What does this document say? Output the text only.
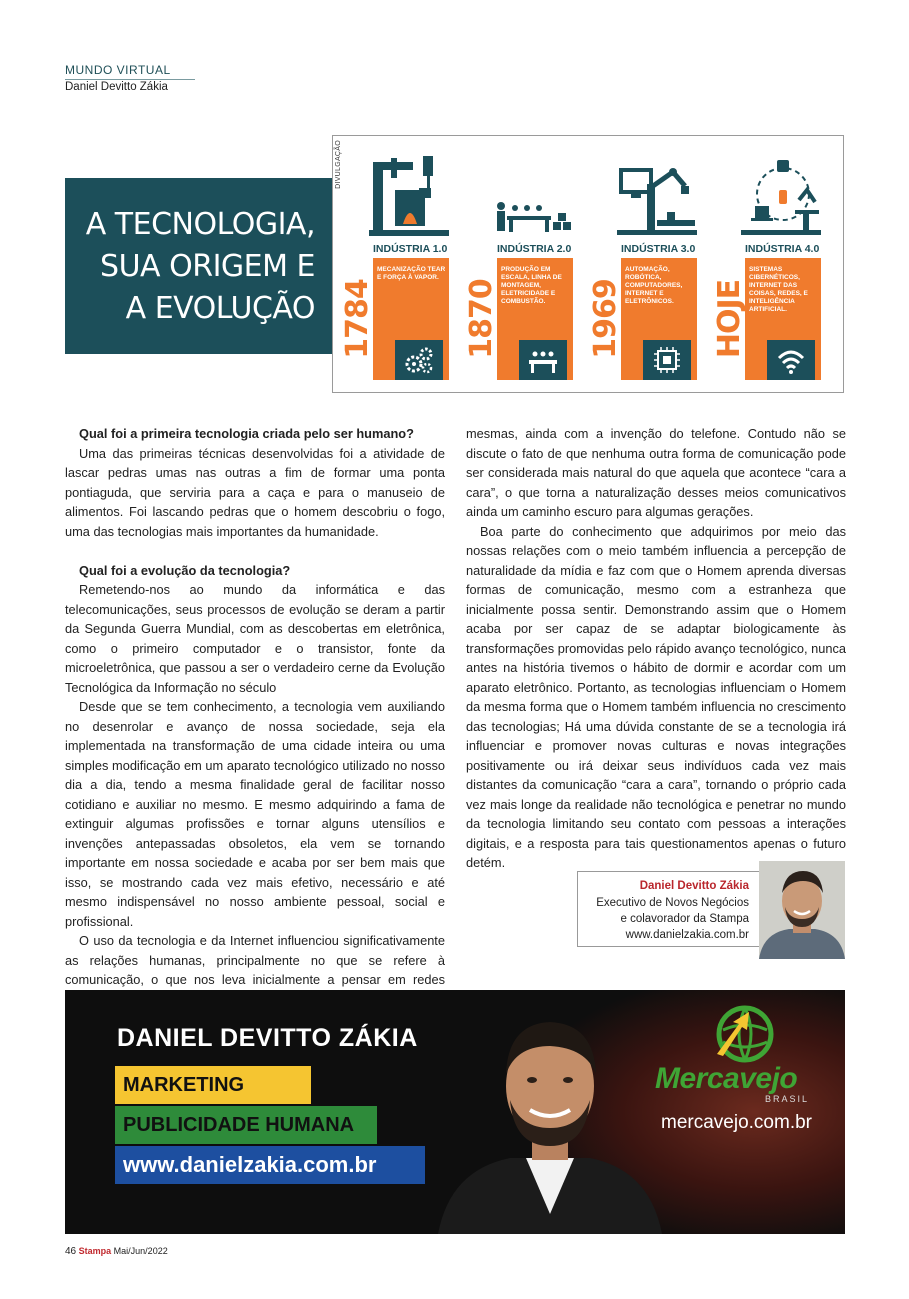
MUNDO VIRTUAL
Daniel Devitto Zákia
A TECNOLOGIA,
SUA ORIGEM E
A EVOLUÇÃO
DIVULGAÇÃO
INDÚSTRIA 1.0
MECANIZAÇÃO TEAR E FORÇA À VAPOR.
1784
INDÚSTRIA 2.0
PRODUÇÃO EM ESCALA, LINHA DE MONTAGEM, ELETRICIDADE E COMBUSTÃO.
1870
INDÚSTRIA 3.0
AUTOMAÇÃO, ROBÓTICA, COMPUTADORES, INTERNET E ELETRÔNICOS.
1969
INDÚSTRIA 4.0
SISTEMAS CIBERNÉTICOS, INTERNET DAS COISAS, REDES, E INTELIGÊNCIA ARTIFICIAL.
HOJE

Qual foi a primeira tecnologia criada pelo ser humano?

Uma das primeiras técnicas desenvolvidas foi a atividade de lascar pedras umas nas outras a fim de formar uma ponta pontiaguda, que serviria para a caça e para o manuseio de alimentos. Foi lascando pedras que o homem descobriu o fogo, uma das tecnologias mais importantes da humanidade.

Qual foi a evolução da tecnologia?

Remetendo-nos ao mundo da informática e das telecomunicações, seus processos de evolução se deram a partir da Segunda Guerra Mundial, com as descobertas em eletrônica, como o primeiro computador e o transistor, fonte da microeletrônica, que passou a ser o verdadeiro cerne da Evolução Tecnológica da Informação no século

Desde que se tem conhecimento, a tecnologia vem auxiliando no desenrolar e avanço de nossa sociedade, seja ela implementada na transformação de uma cidade inteira ou uma simples modificação em um aparato tecnológico utilizado no nosso dia a dia, tendo a mesma finalidade geral de facilitar nosso cotidiano e auxiliar no mesmo. E mesmo adquirindo a fama de extinguir algumas profissões e tornar alguns utensílios e invenções antepassadas obsoletos, ela vem se tornando importante em nossa sociedade e acaba por ser bem mais que isso, se mostrando cada vez mais efetivo, necessário e até mesmo indispensável no nosso ambiente pessoal, social e profissional.

O uso da tecnologia e da Internet influenciou significativamente as relações humanas, principalmente no que se refere à comunicação, o que nos leva inicialmente a pensar em redes

mesmas, ainda com a invenção do telefone. Contudo não se discute o fato de que nenhuma outra forma de comunicação pode ser considerada mais natural do que aquela que acontece “cara a cara”, o que torna a naturalização desses meios comunicativos ainda um caminho escuro para algumas gerações.

Boa parte do conhecimento que adquirimos por meio das nossas relações com o meio também influencia a percepção de naturalidade da mídia e faz com que o Homem aprenda diversas formas de comunicação, mesmo com a estranheza que inicialmente possa sentir. Demonstrando assim que o Homem acaba por ser capaz de se adaptar biologicamente às transformações promovidas pelo rápido avanço tecnológico, nunca antes na história tivemos o hábito de dormir e acordar com um aparato eletrônico. Portanto, as tecnologias influenciam o Homem da mesma forma que o Homem também influencia no crescimento das tecnologias; Há uma dúvida constante de se a tecnologia irá influenciar e promover novas culturas e novas integrações positivamente ou irá deixar seus indivíduos cada vez mais distantes da comunicação “cara a cara”, tornando o próprio cada vez mais longe da realidade não tecnológica e penetrar no mundo da tecnologia limitando seu contato com pessoas a interações digitais, e a resposta para tais questionamentos apenas o futuro detém.

Daniel Devitto Zákia
Executivo de Novos Negócios
e colavorador da Stampa
www.danielzakia.com.br
DANIEL DEVITTO ZÁKIA
MARKETING
PUBLICIDADE HUMANA
www.danielzakia.com.br
Mercavejo
BRASIL
mercavejo.com.br
46 Stampa Mai/Jun/2022
